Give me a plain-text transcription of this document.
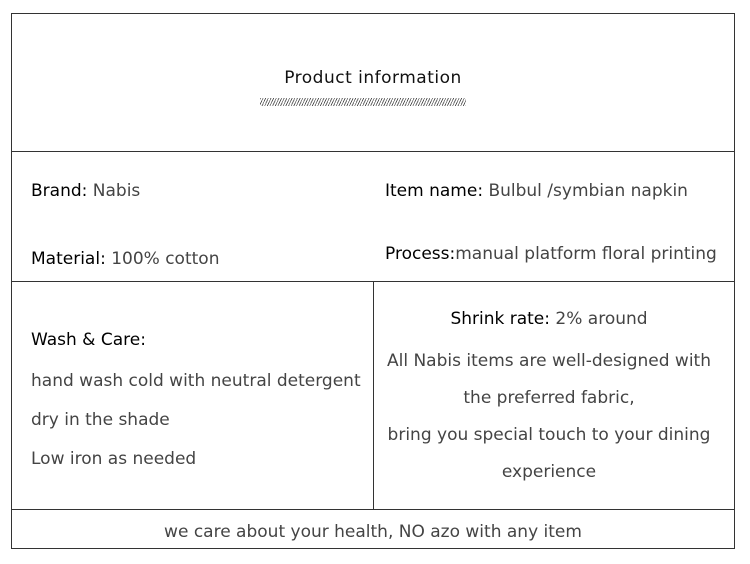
Product information
Brand: Nabis	Item name: Bulbul /symbian napkin
Material: 100% cotton	Process:manual platform floral printing
Wash & Care:
hand wash cold with neutral detergent
dry in the shade
Low iron as needed
Shrink rate: 2% around
All Nabis items are well-designed with
the preferred fabric,
bring you special touch to your dining
experience
we care about your health, NO azo with any item
